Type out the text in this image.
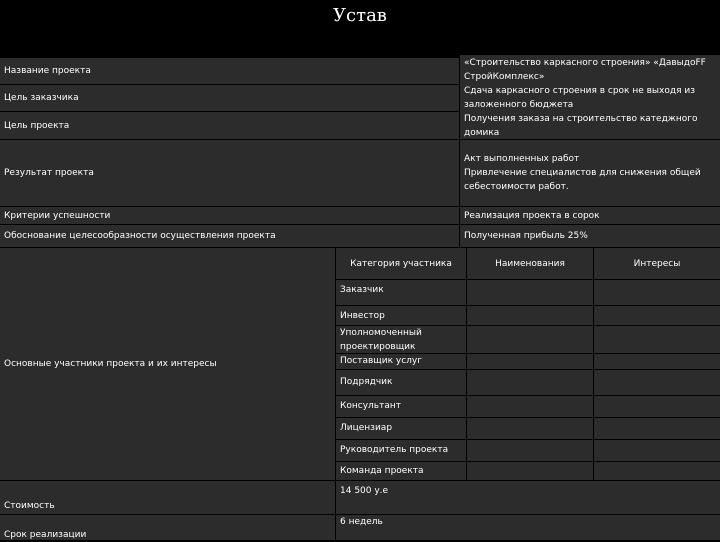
Устав
Название проекта
Цель заказчика
Цель проекта
Результат проекта
Критерии успешности
Обоснование целесообразности осуществления проекта
Основные участники проекта и их интересы
Стоимость
Срок реализации
«Строительство каркасного строения» «ДавыдоFF
СтройКомплекс»
Сдача каркасного строения в срок не выходя из
заложенного бюджета
Получения заказа на строительство катеджного домика
Акт выполненных работ
Привлечение специалистов для снижения общей
себестоимости работ.
Реализация проекта в сорок
Полученная прибыль 25%
Категория участника	Наименования	Интересы
Заказчик
Инвестор
Уполномоченный
проектировщик
Поставщик услуг
Подрядчик
Консультант
Лицензиар
Руководитель проекта
Команда проекта
14 500 у.е
6 недель
